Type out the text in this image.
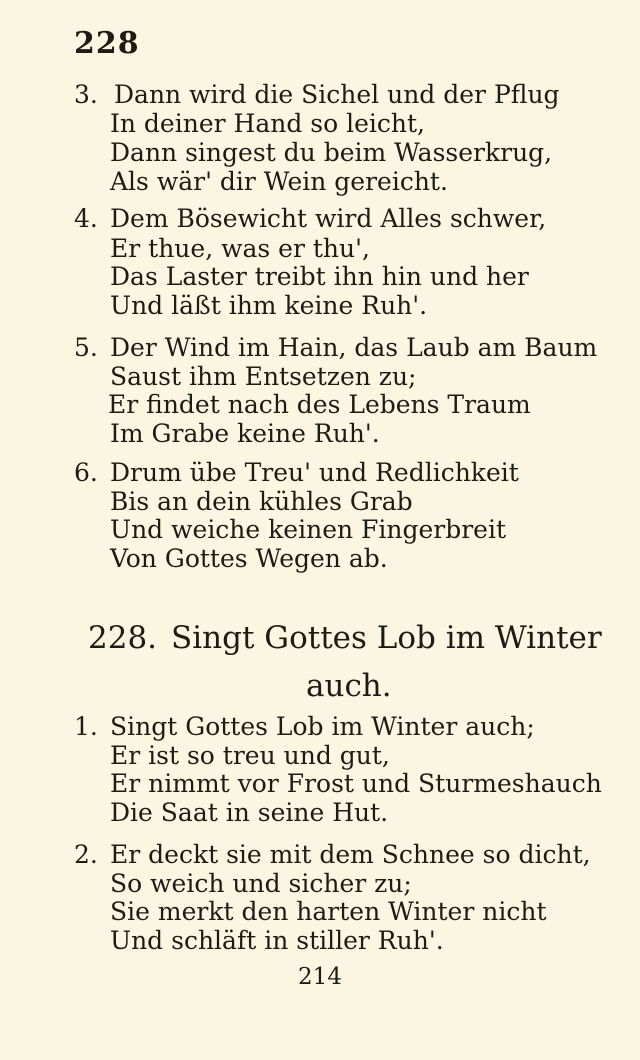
228
3. Dann wird die Sichel und der Pflug
In deiner Hand so leicht,
Dann singest du beim Wasserkrug,
Als wär' dir Wein gereicht.
4. Dem Bösewicht wird Alles schwer,
Er thue, was er thu',
Das Laster treibt ihn hin und her
Und läßt ihm keine Ruh'.
5. Der Wind im Hain, das Laub am Baum
Saust ihm Entsetzen zu;
Er findet nach des Lebens Traum
Im Grabe keine Ruh'.
6. Drum übe Treu' und Redlichkeit
Bis an dein kühles Grab
Und weiche keinen Fingerbreit
Von Gottes Wegen ab.
228. Singt Gottes Lob im Winter
auch.
1. Singt Gottes Lob im Winter auch;
Er ist so treu und gut,
Er nimmt vor Frost und Sturmeshauch
Die Saat in seine Hut.
2. Er deckt sie mit dem Schnee so dicht,
So weich und sicher zu;
Sie merkt den harten Winter nicht
Und schläft in stiller Ruh'.
214
